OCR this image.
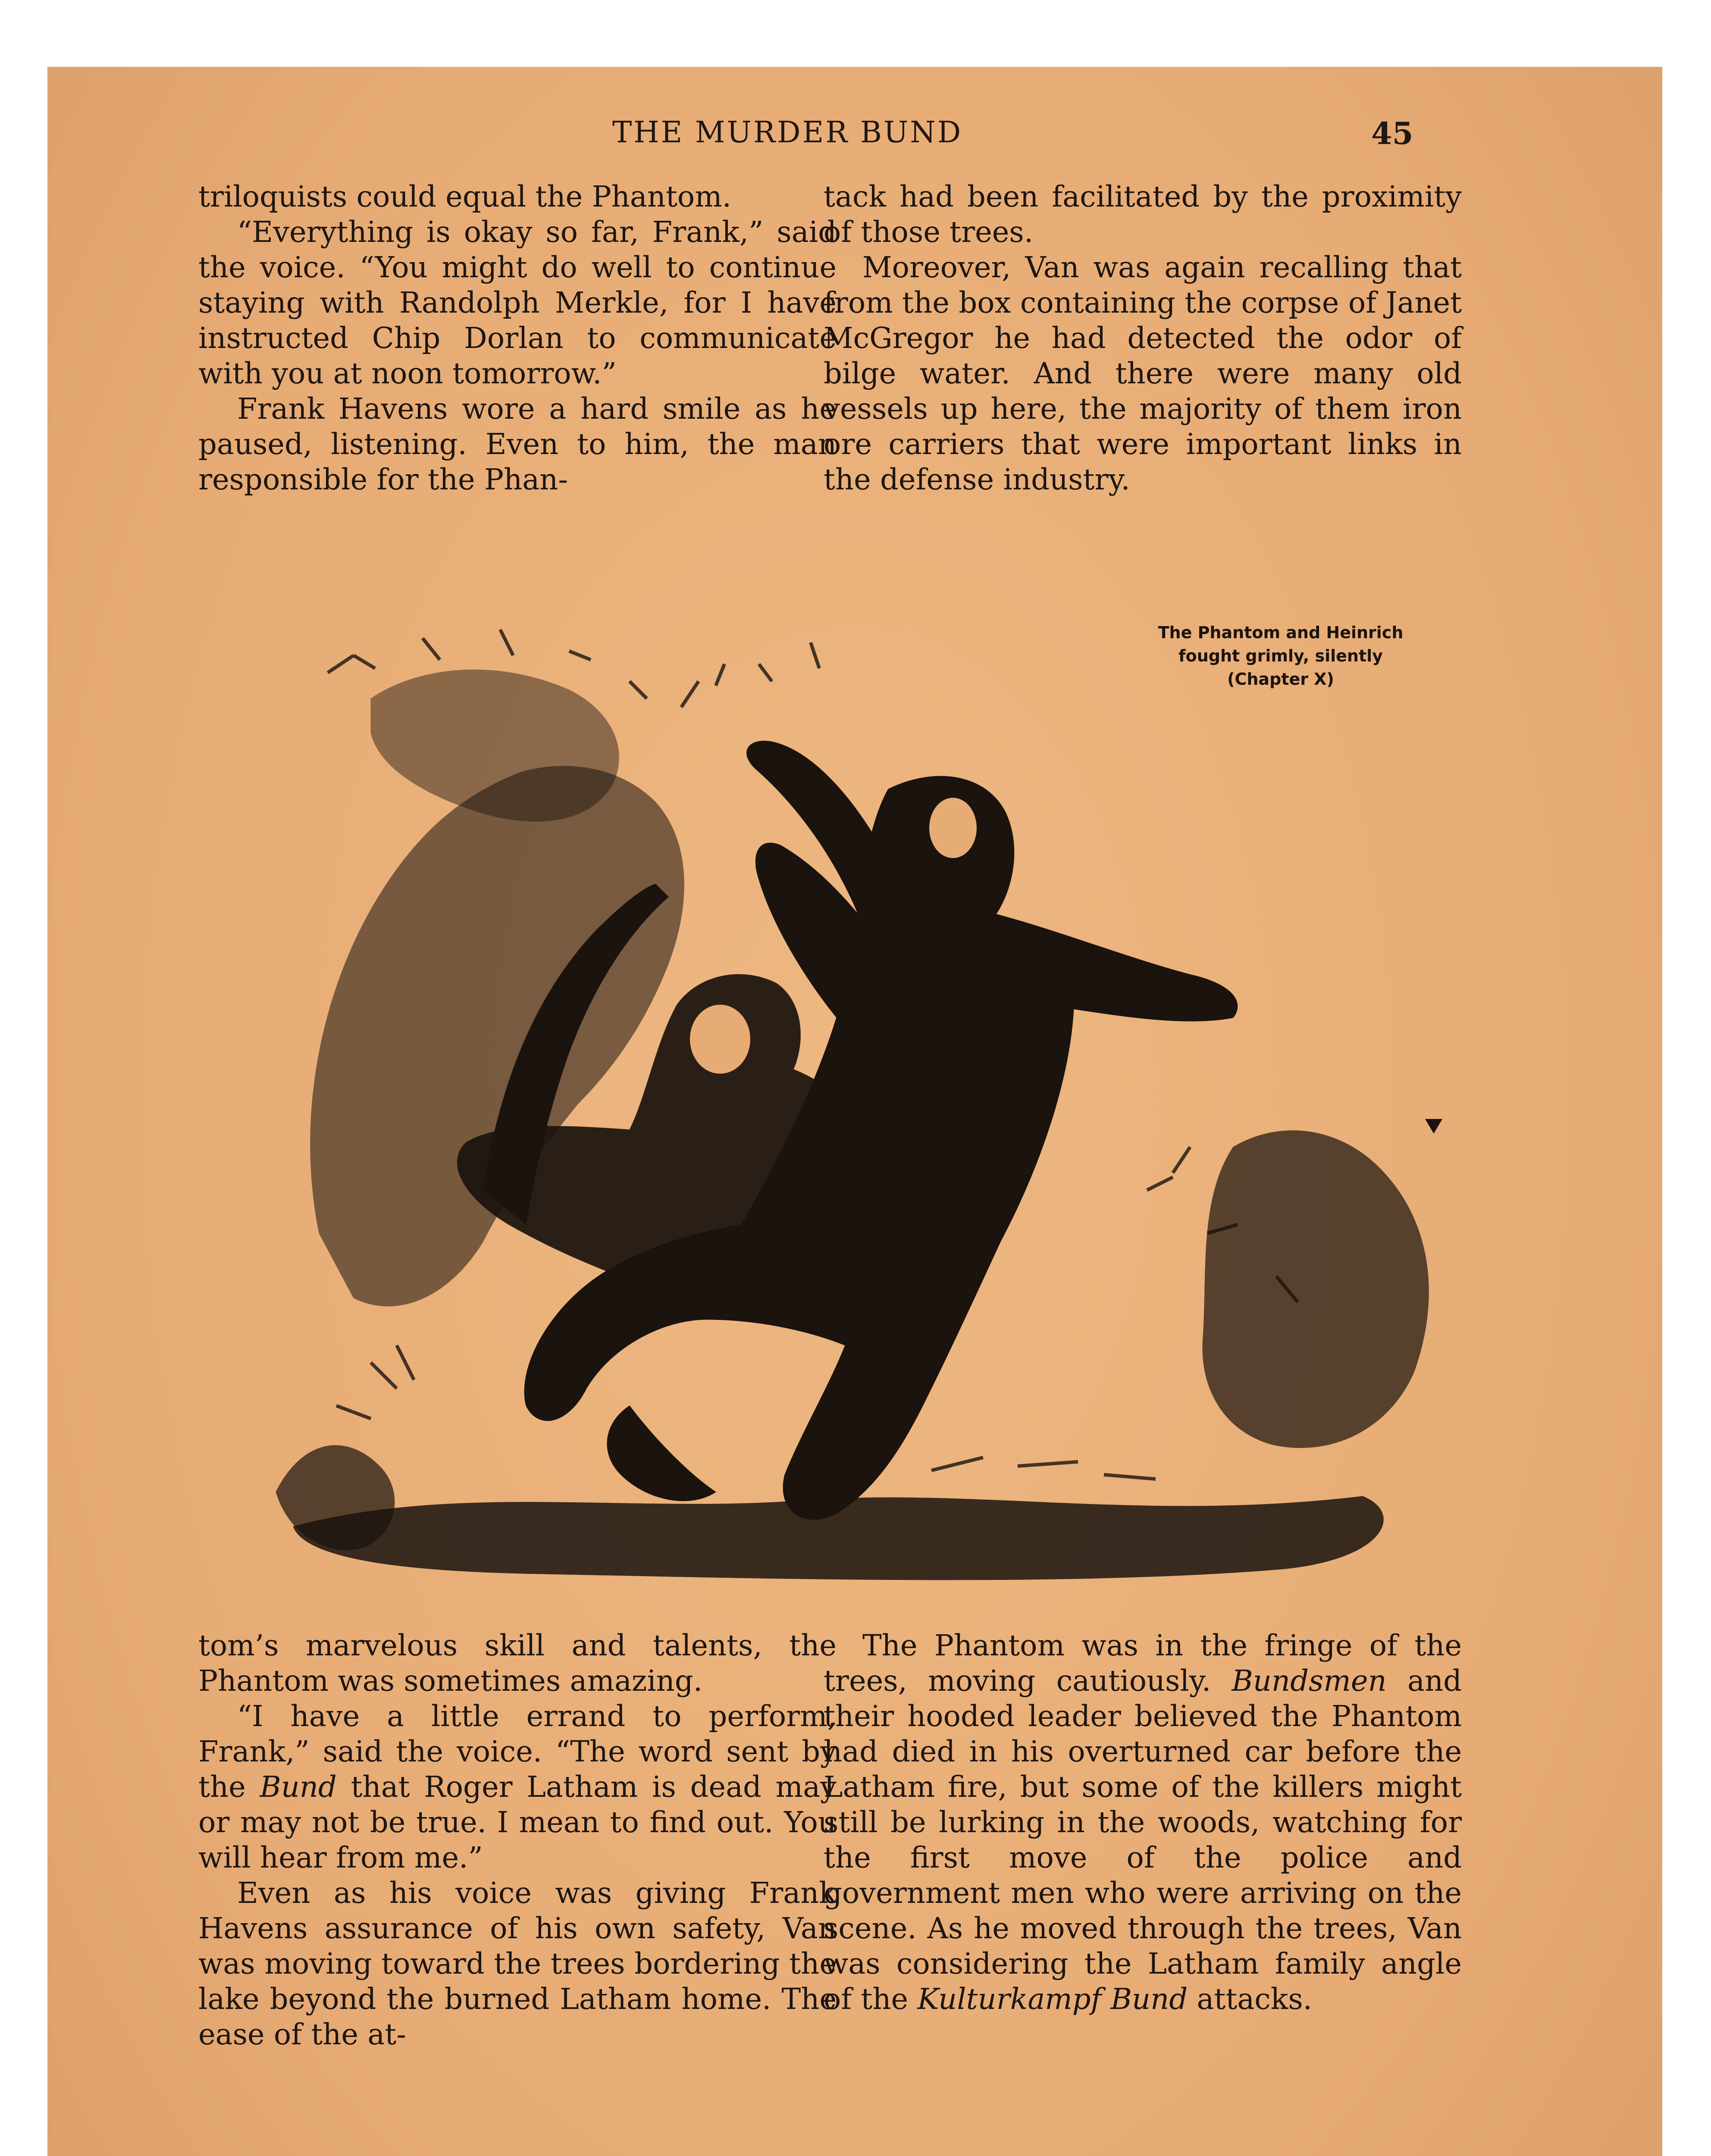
THE MURDER BUND	45

triloquists could equal the Phantom.

“Everything is okay so far, Frank,” said the voice. “You might do well to continue staying with Randolph Merkle, for I have instructed Chip Dorlan to communicate with you at noon tomorrow.”

Frank Havens wore a hard smile as he paused, listening. Even to him, the man responsible for the Phan-

tack had been facilitated by the proximity of those trees.

Moreover, Van was again recalling that from the box containing the corpse of Janet McGregor he had detected the odor of bilge water. And there were many old vessels up here, the majority of them iron ore carriers that were important links in the defense industry.

The Phantom and Heinrich
fought grimly, silently
(Chapter X)

tom’s marvelous skill and talents, the Phantom was sometimes amazing.

“I have a little errand to perform, Frank,” said the voice. “The word sent by the Bund that Roger Latham is dead may or may not be true. I mean to find out. You will hear from me.”

Even as his voice was giving Frank Havens assurance of his own safety, Van was moving toward the trees bordering the lake beyond the burned Latham home. The ease of the at-

The Phantom was in the fringe of the trees, moving cautiously. Bundsmen and their hooded leader believed the Phantom had died in his overturned car before the Latham fire, but some of the killers might still be lurking in the woods, watching for the first move of the police and government men who were arriving on the scene. As he moved through the trees, Van was considering the Latham family angle of the Kulturkampf Bund attacks.
